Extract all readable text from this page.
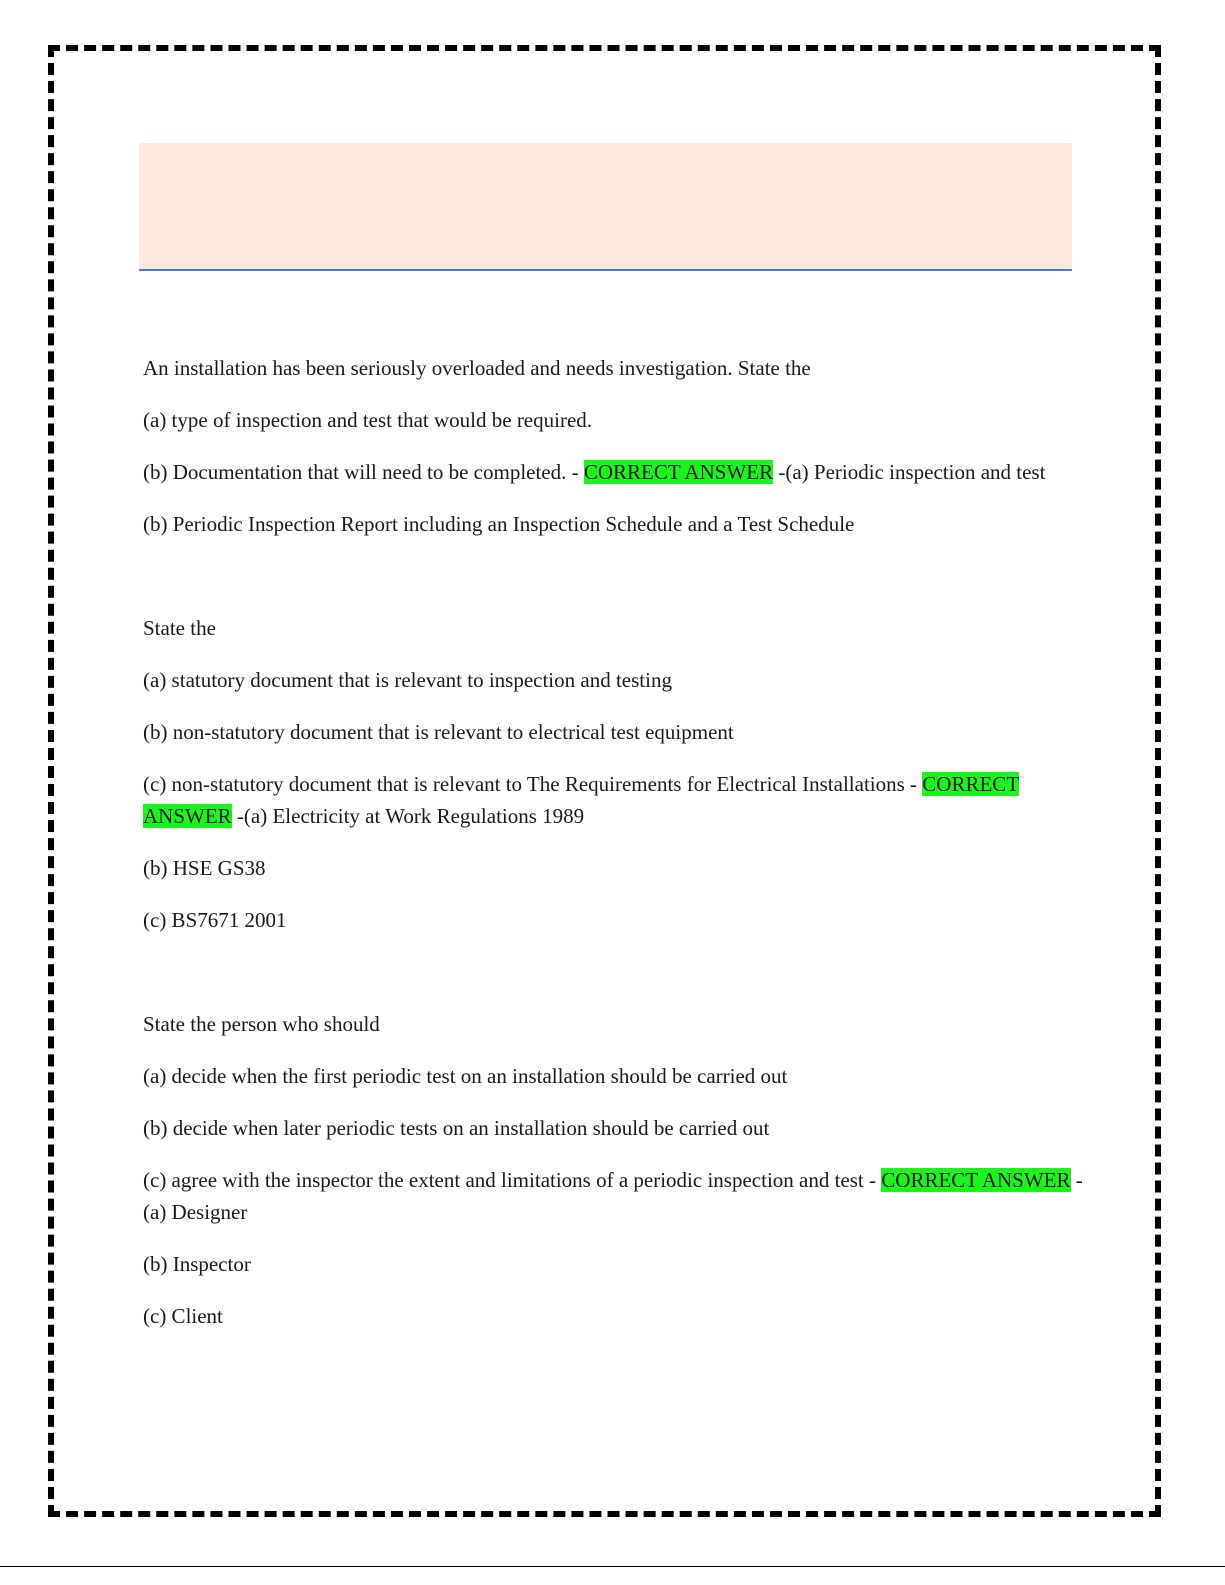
An installation has been seriously overloaded and needs investigation. State the

(a) type of inspection and test that would be required.

(b) Documentation that will need to be completed. - CORRECT ANSWER -(a) Periodic inspection and test

(b) Periodic Inspection Report including an Inspection Schedule and a Test Schedule

State the

(a) statutory document that is relevant to inspection and testing

(b) non-statutory document that is relevant to electrical test equipment

(c) non-statutory document that is relevant to The Requirements for Electrical Installations - CORRECT ANSWER -(a) Electricity at Work Regulations 1989

(b) HSE GS38

(c) BS7671 2001

State the person who should

(a) decide when the first periodic test on an installation should be carried out

(b) decide when later periodic tests on an installation should be carried out

(c) agree with the inspector the extent and limitations of a periodic inspection and test - CORRECT ANSWER -(a) Designer

(b) Inspector

(c) Client
